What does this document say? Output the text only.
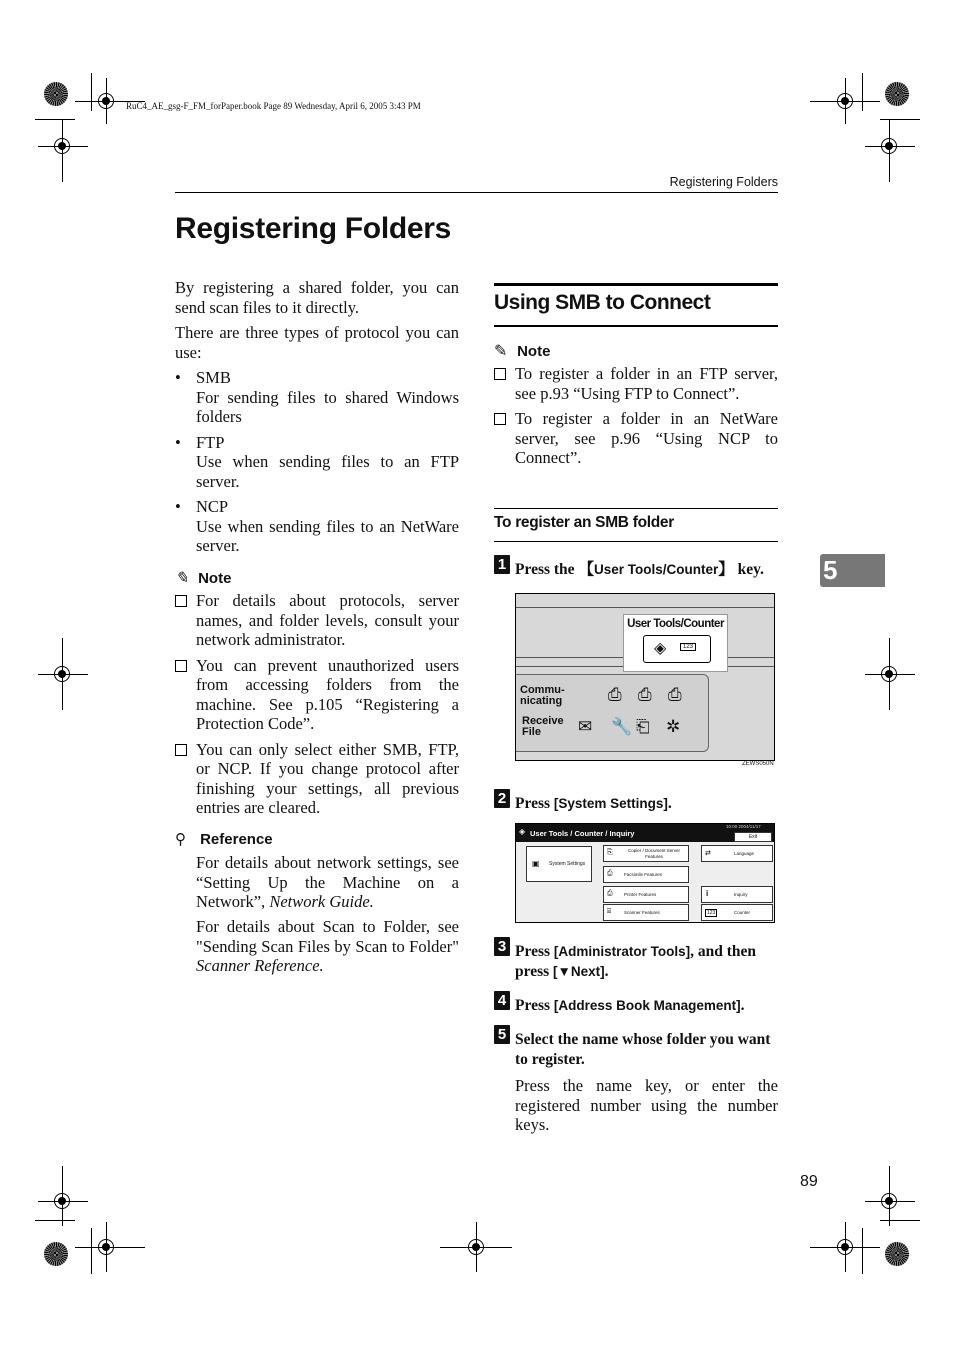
RuC4_AE_gsg-F_FM_forPaper.book Page 89 Wednesday, April 6, 2005 3:43 PM
Registering Folders
Registering Folders
5
By registering a shared folder, you can send scan files to it directly.
There are three types of protocol you can use:
• SMB
For sending files to shared Windows folders
• FTP
Use when sending files to an FTP server.
• NCP
Use when sending files to an NetWare server.
✎ Note
For details about protocols, server names, and folder levels, consult your network administrator.
You can prevent unauthorized users from accessing folders from the machine. See p.105 “Registering a Protection Code”.
You can only select either SMB, FTP, or NCP. If you change protocol after finishing your settings, all previous entries are cleared.
⚲ Reference
For details about network settings, see “Setting Up the Machine on a Network”, Network Guide.
For details about Scan to Folder, see "Sending Scan Files by Scan to Folder" Scanner Reference.
Using SMB to Connect
✎ Note
To register a folder in an FTP server, see p.93 “Using FTP to Connect”.
To register a folder in an NetWare server, see p.96 “Using NCP to Connect”.
To register an SMB folder
1 Press the 【User Tools/Counter】 key.
User Tools/Counter
◈	123
Commu-
nicating
Receive
File
⎙ ⎙ ⎙
✉ 🔧 ⎗ ✲
ZEWS050N
2 Press [System Settings].
◈ User Tools / Counter / Inquiry
10:00 2004/11/17
Exit
▣ System Settings
⎘	Copier / Document Server Features
⎙	Facsimile Features
⎙	Printer Features
⌸	Scanner Features
⇄	Language
i	Inquiry
123	Counter
3 Press [Administrator Tools], and then press [▼Next].
4 Press [Address Book Management].
5 Select the name whose folder you want to register.
Press the name key, or enter the registered number using the number keys.
89
